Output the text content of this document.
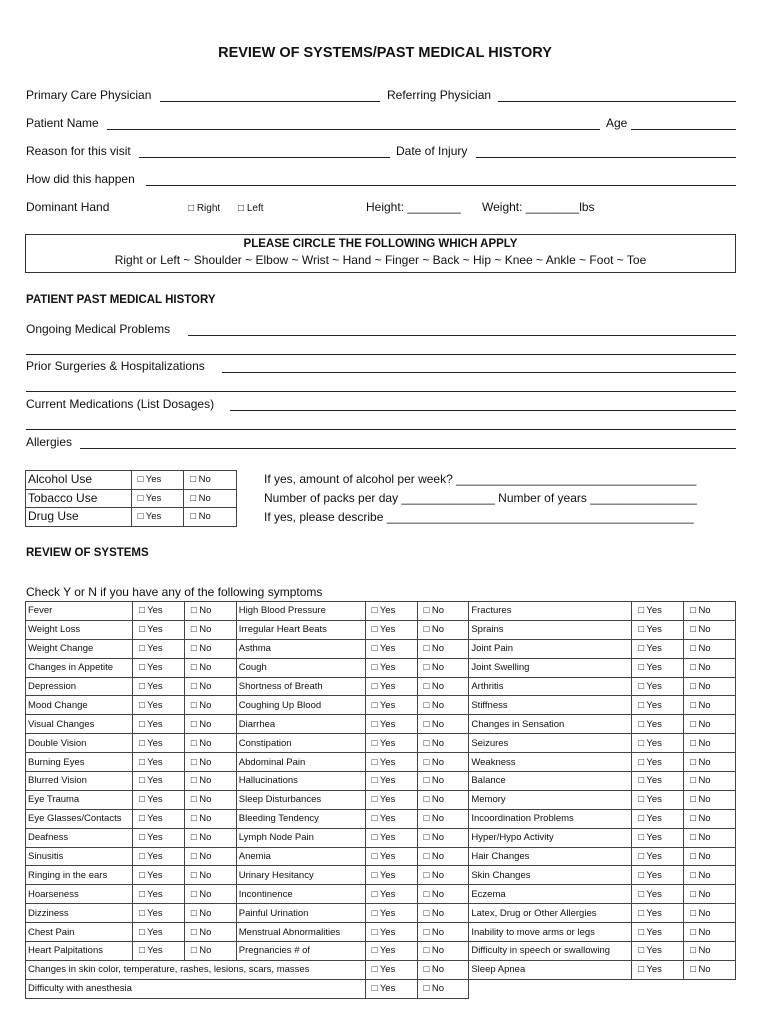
REVIEW OF SYSTEMS/PAST MEDICAL HISTORY
Primary Care Physician	Referring Physician
Patient Name	Age
Reason for this visit	Date of Injury
How did this happen
Dominant Hand	□ Right □ Left	Height: ________ Weight: ________lbs
PLEASE CIRCLE THE FOLLOWING WHICH APPLY
Right or Left ~ Shoulder ~ Elbow ~ Wrist ~ Hand ~ Finger ~ Back ~ Hip ~ Knee ~ Ankle ~ Foot ~ Toe
PATIENT PAST MEDICAL HISTORY
Ongoing Medical Problems
Prior Surgeries & Hospitalizations
Current Medications (List Dosages)
Allergies
Alcohol Use	□ Yes	□ No
Tobacco Use	□ Yes	□ No
Drug Use	□ Yes	□ No
If yes, amount of alcohol per week? ____________________________________
Number of packs per day ______________ Number of years ________________
If yes, please describe ______________________________________________
REVIEW OF SYSTEMS
Check Y or N if you have any of the following symptoms
Fever	□ Yes	□ No	High Blood Pressure	□ Yes	□ No	Fractures	□ Yes	□ No
Weight Loss	□ Yes	□ No	Irregular Heart Beats	□ Yes	□ No	Sprains	□ Yes	□ No
Weight Change	□ Yes	□ No	Asthma	□ Yes	□ No	Joint Pain	□ Yes	□ No
Changes in Appetite	□ Yes	□ No	Cough	□ Yes	□ No	Joint Swelling	□ Yes	□ No
Depression	□ Yes	□ No	Shortness of Breath	□ Yes	□ No	Arthritis	□ Yes	□ No
Mood Change	□ Yes	□ No	Coughing Up Blood	□ Yes	□ No	Stiffness	□ Yes	□ No
Visual Changes	□ Yes	□ No	Diarrhea	□ Yes	□ No	Changes in Sensation	□ Yes	□ No
Double Vision	□ Yes	□ No	Constipation	□ Yes	□ No	Seizures	□ Yes	□ No
Burning Eyes	□ Yes	□ No	Abdominal Pain	□ Yes	□ No	Weakness	□ Yes	□ No
Blurred Vision	□ Yes	□ No	Hallucinations	□ Yes	□ No	Balance	□ Yes	□ No
Eye Trauma	□ Yes	□ No	Sleep Disturbances	□ Yes	□ No	Memory	□ Yes	□ No
Eye Glasses/Contacts	□ Yes	□ No	Bleeding Tendency	□ Yes	□ No	Incoordination Problems	□ Yes	□ No
Deafness	□ Yes	□ No	Lymph Node Pain	□ Yes	□ No	Hyper/Hypo Activity	□ Yes	□ No
Sinusitis	□ Yes	□ No	Anemia	□ Yes	□ No	Hair Changes	□ Yes	□ No
Ringing in the ears	□ Yes	□ No	Urinary Hesitancy	□ Yes	□ No	Skin Changes	□ Yes	□ No
Hoarseness	□ Yes	□ No	Incontinence	□ Yes	□ No	Eczema	□ Yes	□ No
Dizziness	□ Yes	□ No	Painful Urination	□ Yes	□ No	Latex, Drug or Other Allergies	□ Yes	□ No
Chest Pain	□ Yes	□ No	Menstrual Abnormalities	□ Yes	□ No	Inability to move arms or legs	□ Yes	□ No
Heart Palpitations	□ Yes	□ No	Pregnancies # of	□ Yes	□ No	Difficulty in speech or swallowing	□ Yes	□ No
Changes in skin color, temperature, rashes, lesions, scars, masses				□ Yes	□ No	Sleep Apnea	□ Yes	□ No
Difficulty with anesthesia				□ Yes	□ No			
